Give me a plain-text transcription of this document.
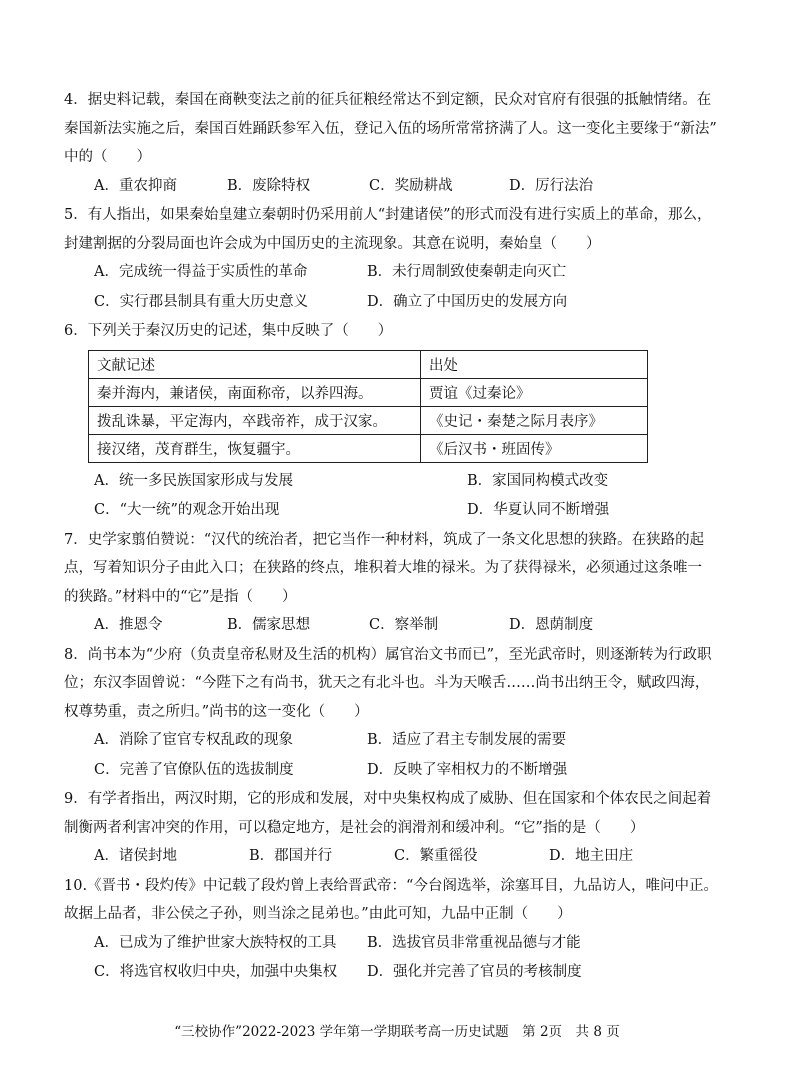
4．据史料记载，秦国在商鞅变法之前的征兵征粮经常达不到定额，民众对官府有很强的抵触情绪。在

秦国新法实施之后，秦国百姓踊跃参军入伍，登记入伍的场所常常挤满了人。这一变化主要缘于“新法”

中的（　　）

A．重农抑商	B．废除特权	C．奖励耕战	D．厉行法治

5．有人指出，如果秦始皇建立秦朝时仍采用前人“封建诸侯”的形式而没有进行实质上的革命，那么，

封建割据的分裂局面也许会成为中国历史的主流现象。其意在说明，秦始皇（　　）

A．完成统一得益于实质性的革命	B．未行周制致使秦朝走向灭亡
C．实行郡县制具有重大历史意义	D．确立了中国历史的发展方向

6．下列关于秦汉历史的记述，集中反映了（　　）

文献记述	出处
秦并海内，兼诸侯，南面称帝，以养四海。	贾谊《过秦论》
拨乱诛暴，平定海内，卒践帝祚，成于汉家。	《史记・秦楚之际月表序》
接汉绪，茂育群生，恢复疆宇。	《后汉书・班固传》
A．统一多民族国家形成与发展	B．家国同构模式改变
C．“大一统”的观念开始出现	D．华夏认同不断增强

7．史学家翦伯赞说：“汉代的统治者，把它当作一种材料，筑成了一条文化思想的狭路。在狭路的起

点，写着知识分子由此入口；在狭路的终点，堆积着大堆的禄米。为了获得禄米，必须通过这条唯一

的狭路。”材料中的“它”是指（　　）

A．推恩令	B．儒家思想	C．察举制	D．恩荫制度

8．尚书本为“少府（负责皇帝私财及生活的机构）属官治文书而已”，至光武帝时，则逐渐转为行政职

位；东汉李固曾说：“今陛下之有尚书，犹天之有北斗也。斗为天喉舌……尚书出纳王令，赋政四海，

权尊势重，责之所归。”尚书的这一变化（　　）

A．消除了宦官专权乱政的现象	B．适应了君主专制发展的需要
C．完善了官僚队伍的选拔制度	D．反映了宰相权力的不断增强

9．有学者指出，两汉时期，它的形成和发展，对中央集权构成了威胁、但在国家和个体农民之间起着

制衡两者利害冲突的作用，可以稳定地方，是社会的润滑剂和缓冲利。“它”指的是（　　）

A．诸侯封地	B．郡国并行	C．繁重徭役	D．地主田庄

10.《晋书・段灼传》中记载了段灼曾上表给晋武帝：“今台阁选举，涂塞耳目，九品访人，唯问中正。

故据上品者，非公侯之子孙，则当涂之昆弟也。”由此可知，九品中正制（　　）

A．已成为了维护世家大族特权的工具	B．选拔官员非常重视品德与才能
C．将选官权收归中央，加强中央集权	D．强化并完善了官员的考核制度
“三校协作”2022-2023 学年第一学期联考高一历史试题　第 2页　共 8 页
